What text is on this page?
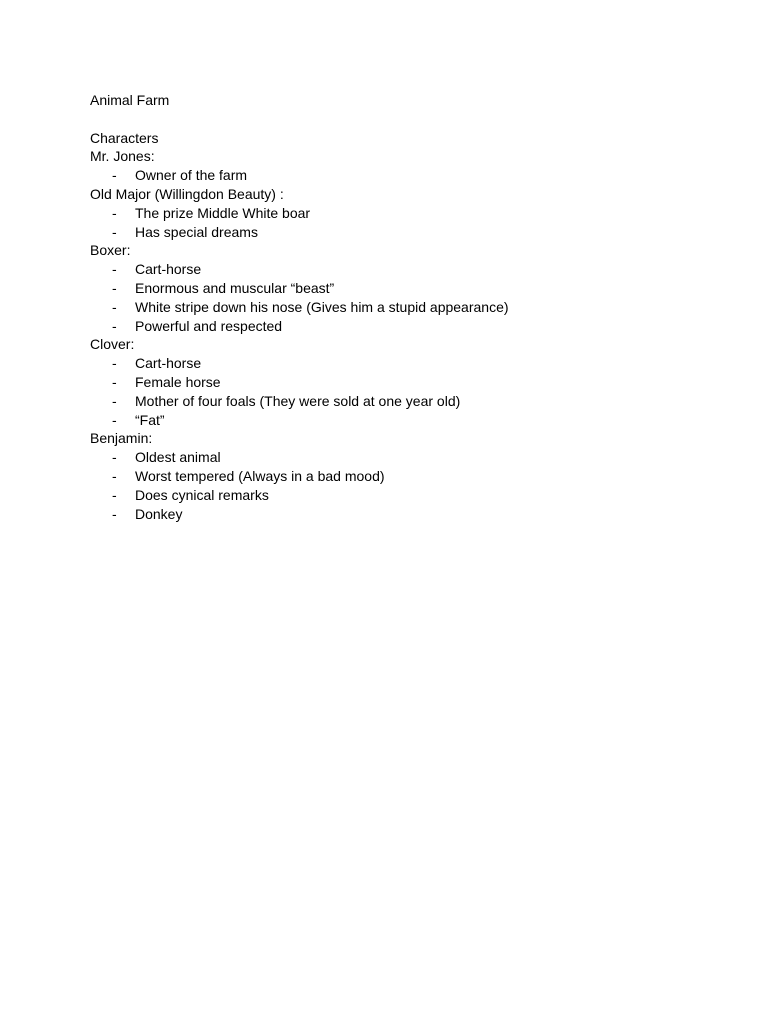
Animal Farm
Characters
Mr. Jones:
- Owner of the farm
Old Major (Willingdon Beauty) :
- The prize Middle White boar
- Has special dreams
Boxer:
- Cart-horse
- Enormous and muscular “beast”
- White stripe down his nose (Gives him a stupid appearance)
- Powerful and respected
Clover:
- Cart-horse
- Female horse
- Mother of four foals (They were sold at one year old)
- “Fat”
Benjamin:
- Oldest animal
- Worst tempered (Always in a bad mood)
- Does cynical remarks
- Donkey
